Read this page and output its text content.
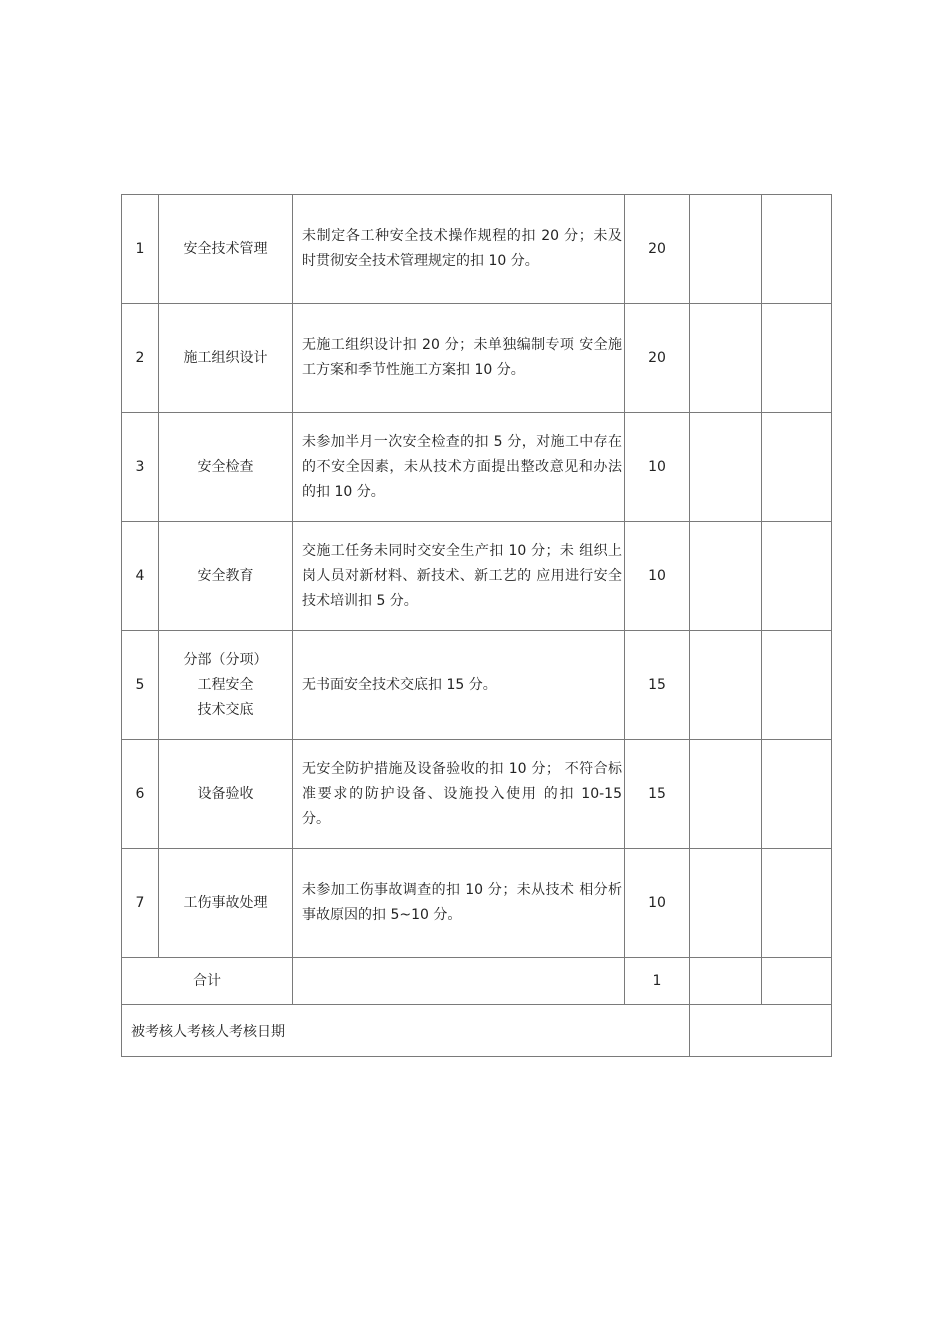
1	安全技术管理	未制定各工种安全技术操作规程的扣 20 分；未及时贯彻安全技术管理规定的扣 10 分。	20		
2	施工组织设计	无施工组织设计扣 20 分；未单独编制专项 安全施工方案和季节性施工方案扣 10 分。	20		
3	安全检查	未参加半月一次安全检查的扣 5 分，对施工中存在的不安全因素，未从技术方面提出整改意见和办法的扣 10 分。	10		
4	安全教育	交施工任务未同时交安全生产扣 10 分；未 组织上岗人员对新材料、新技术、新工艺的 应用进行安全技术培训扣 5 分。	10		
5	分部（分项）
工程安全
技术交底	无书面安全技术交底扣 15 分。	15		
6	设备验收	无安全防护措施及设备验收的扣 10 分； 不符合标准要求的防护设备、设施投入使用 的扣 10-15 分。	15		
7	工伤事故处理	未参加工伤事故调查的扣 10 分；未从技术 相分析事故原因的扣 5~10 分。	10		
合计			1		
被考核人考核人考核日期					
